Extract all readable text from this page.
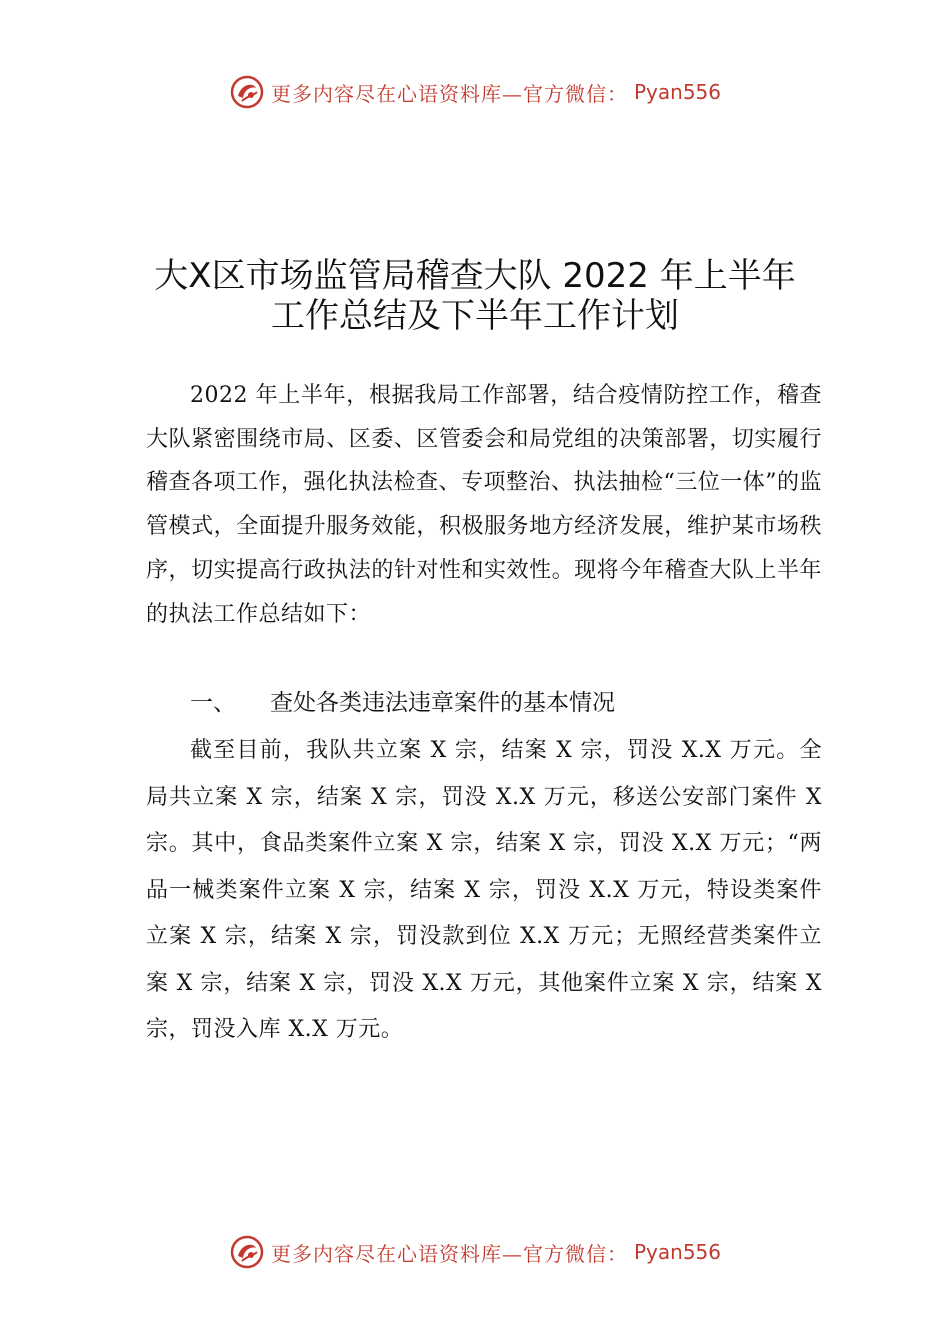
更多内容尽在心语资料库—官方微信： Pyan556
大X区市场监管局稽查大队 2022 年上半年工作总结及下半年工作计划

2022 年上半年，根据我局工作部署，结合疫情防控工作，稽查大队紧密围绕市局、区委、区管委会和局党组的决策部署，切实履行稽查各项工作，强化执法检查、专项整治、执法抽检“三位一体”的监管模式，全面提升服务效能，积极服务地方经济发展，维护某市场秩序，切实提高行政执法的针对性和实效性。现将今年稽查大队上半年的执法工作总结如下：

一、 查处各类违法违章案件的基本情况

截至目前，我队共立案 X 宗，结案 X 宗，罚没 X.X 万元。全局共立案 X 宗，结案 X 宗，罚没 X.X 万元，移送公安部门案件 X 宗。其中，食品类案件立案 X 宗，结案 X 宗，罚没 X.X 万元；“两品一械类案件立案 X 宗，结案 X 宗，罚没 X.X 万元，特设类案件立案 X 宗，结案 X 宗，罚没款到位 X.X 万元；无照经营类案件立案 X 宗，结案 X 宗，罚没 X.X 万元，其他案件立案 X 宗，结案 X 宗，罚没入库 X.X 万元。

更多内容尽在心语资料库—官方微信： Pyan556
